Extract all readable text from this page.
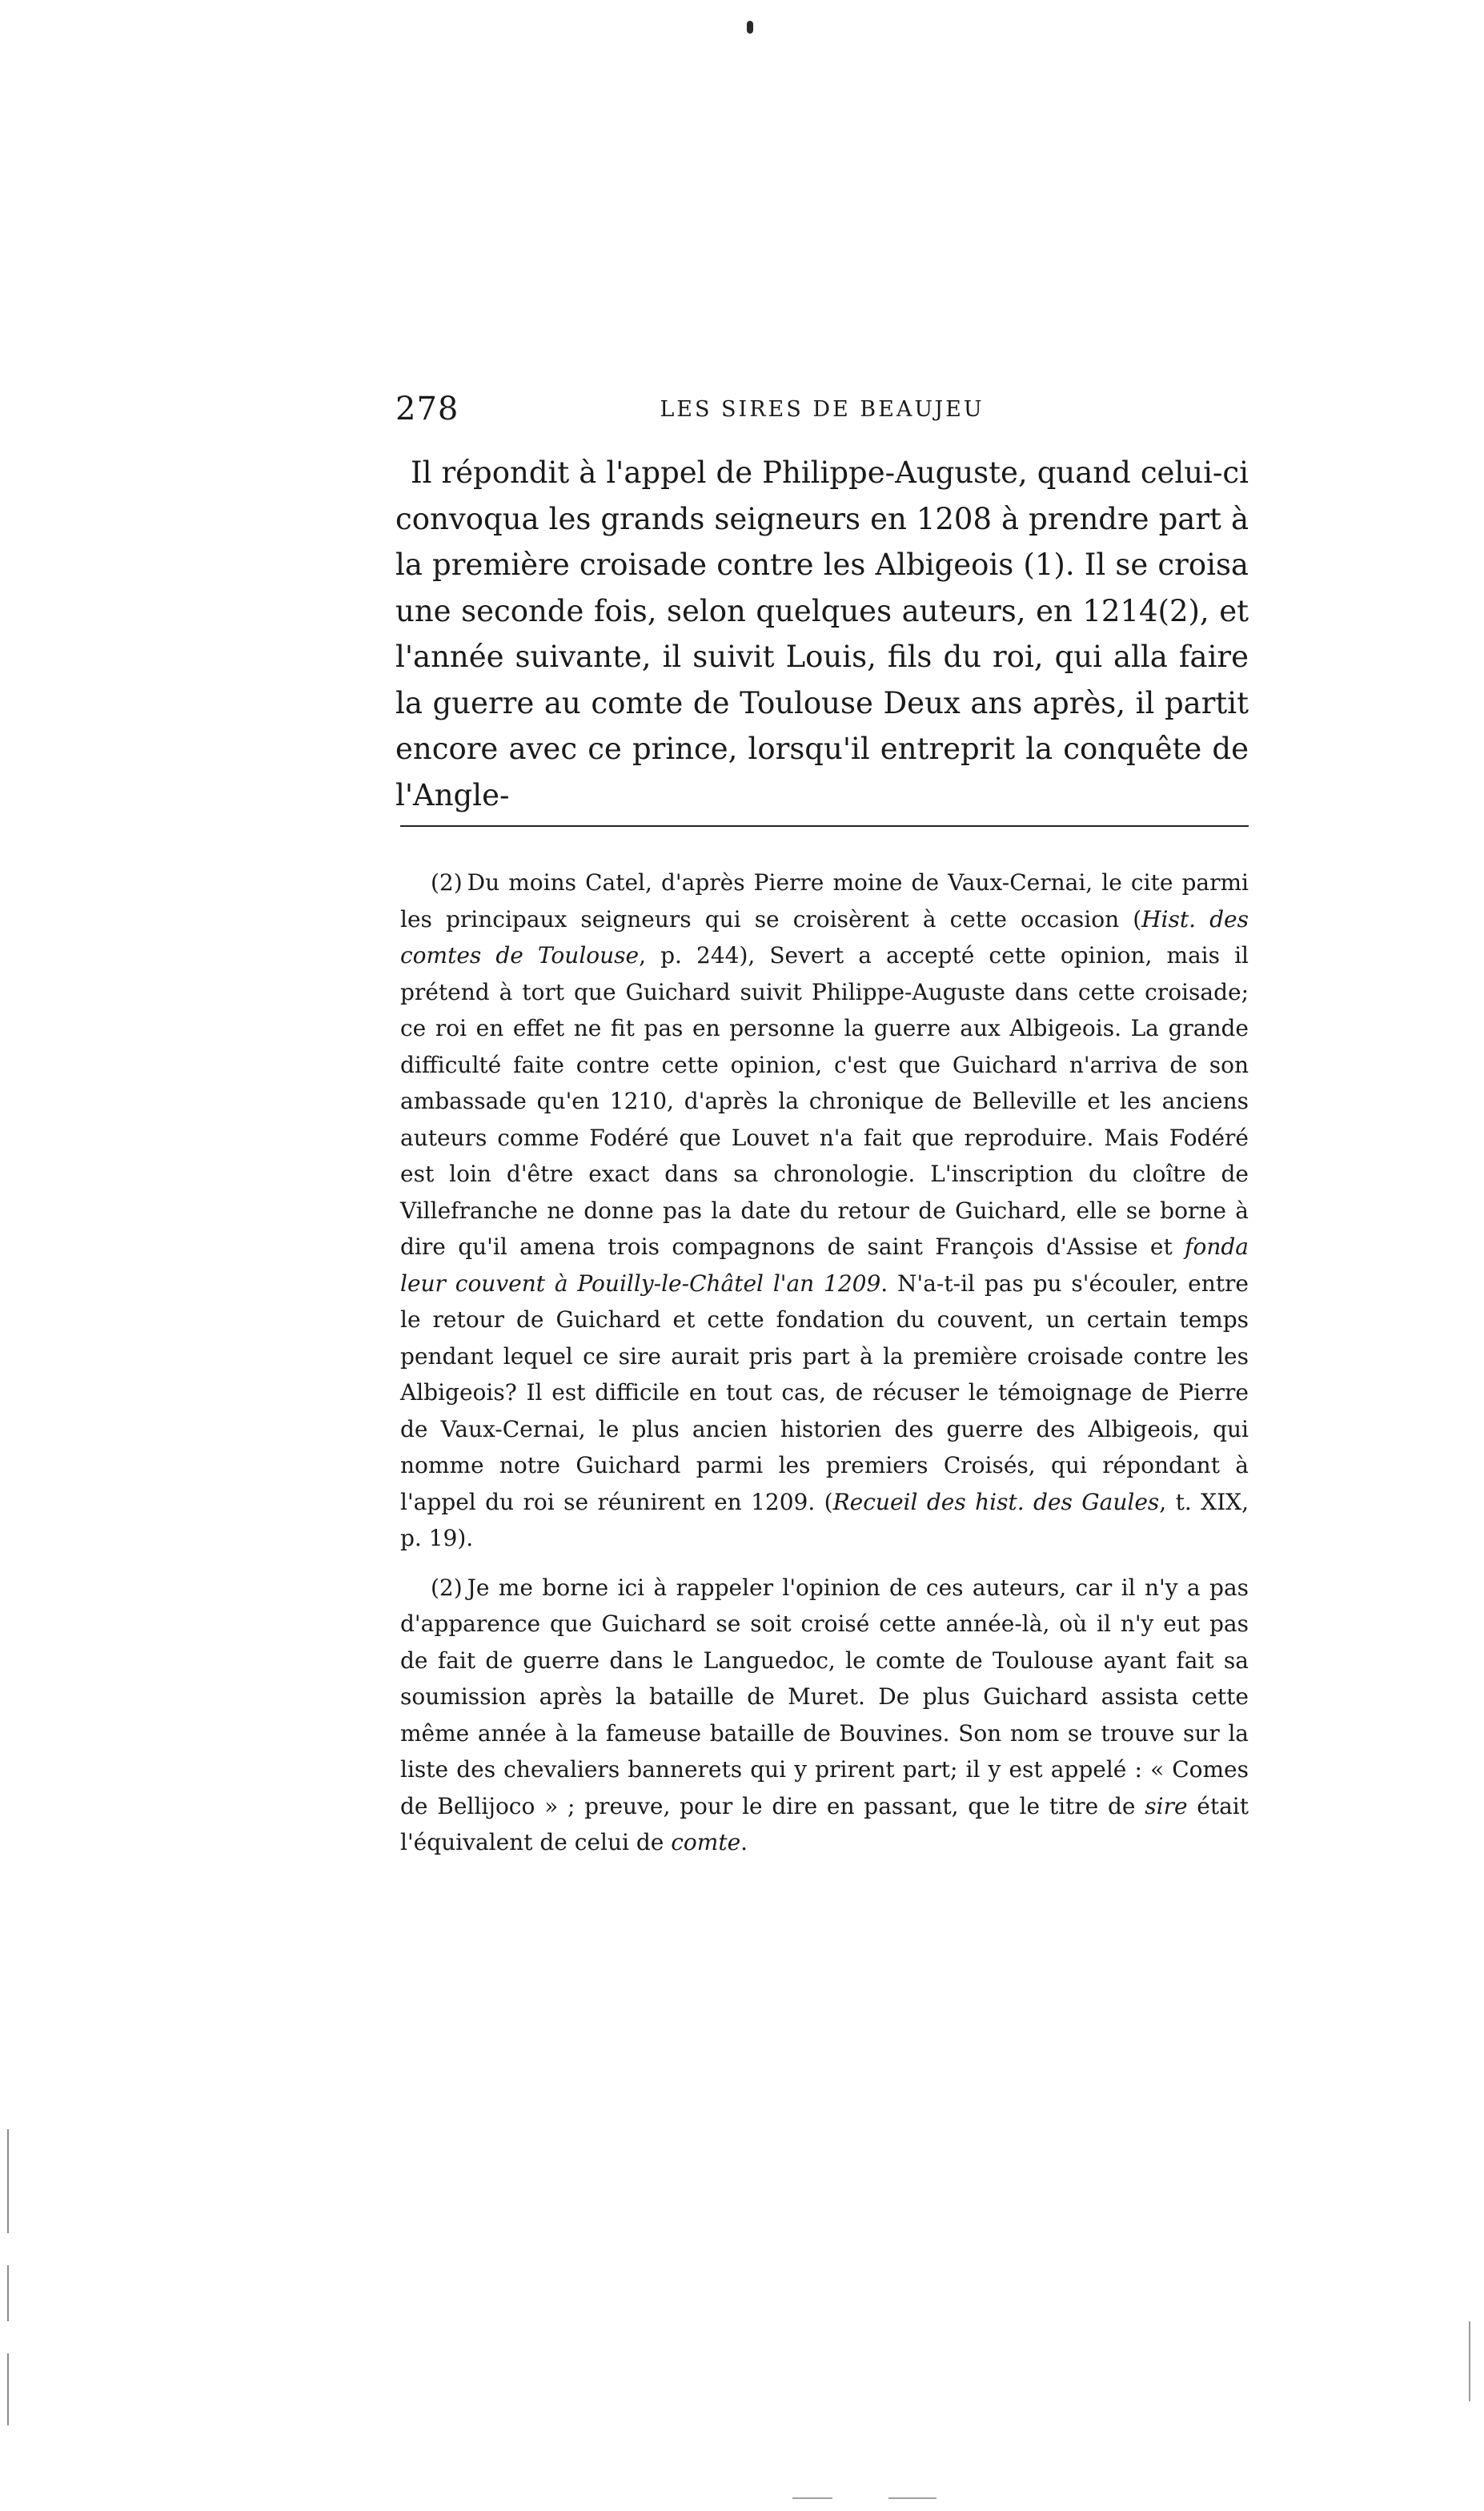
278	LES SIRES DE BEAUJEU

Il répondit à l'appel de Philippe-Auguste, quand celui-ci convoqua les grands seigneurs en 1208 à prendre part à la première croisade contre les Albigeois (1). Il se croisa une seconde fois, selon quelques auteurs, en 1214(2), et l'année suivante, il suivit Louis, fils du roi, qui alla faire la guerre au comte de Toulouse Deux ans après, il partit encore avec ce prince, lorsqu'il entreprit la conquête de l'Angle-

(2) Du moins Catel, d'après Pierre moine de Vaux-Cernai, le cite parmi les principaux seigneurs qui se croisèrent à cette occasion (Hist. des comtes de Toulouse, p. 244), Severt a accepté cette opinion, mais il prétend à tort que Guichard suivit Philippe-Auguste dans cette croisade; ce roi en effet ne fit pas en personne la guerre aux Albigeois. La grande difficulté faite contre cette opinion, c'est que Guichard n'arriva de son ambassade qu'en 1210, d'après la chronique de Belleville et les anciens auteurs comme Fodéré que Louvet n'a fait que reproduire. Mais Fodéré est loin d'être exact dans sa chronologie. L'inscription du cloître de Villefranche ne donne pas la date du retour de Guichard, elle se borne à dire qu'il amena trois compagnons de saint François d'Assise et fonda leur couvent à Pouilly-le-Châtel l'an 1209. N'a-t-il pas pu s'écouler, entre le retour de Guichard et cette fondation du couvent, un certain temps pendant lequel ce sire aurait pris part à la première croisade contre les Albigeois? Il est difficile en tout cas, de récuser le témoignage de Pierre de Vaux-Cernai, le plus ancien historien des guerre des Albigeois, qui nomme notre Guichard parmi les premiers Croisés, qui répondant à l'appel du roi se réunirent en 1209. (Recueil des hist. des Gaules, t. XIX, p. 19).

(2) Je me borne ici à rappeler l'opinion de ces auteurs, car il n'y a pas d'apparence que Guichard se soit croisé cette année-là, où il n'y eut pas de fait de guerre dans le Languedoc, le comte de Toulouse ayant fait sa soumission après la bataille de Muret. De plus Guichard assista cette même année à la fameuse bataille de Bouvines. Son nom se trouve sur la liste des chevaliers bannerets qui y prirent part; il y est appelé : « Comes de Bellijoco » ; preuve, pour le dire en passant, que le titre de sire était l'équivalent de celui de comte.
